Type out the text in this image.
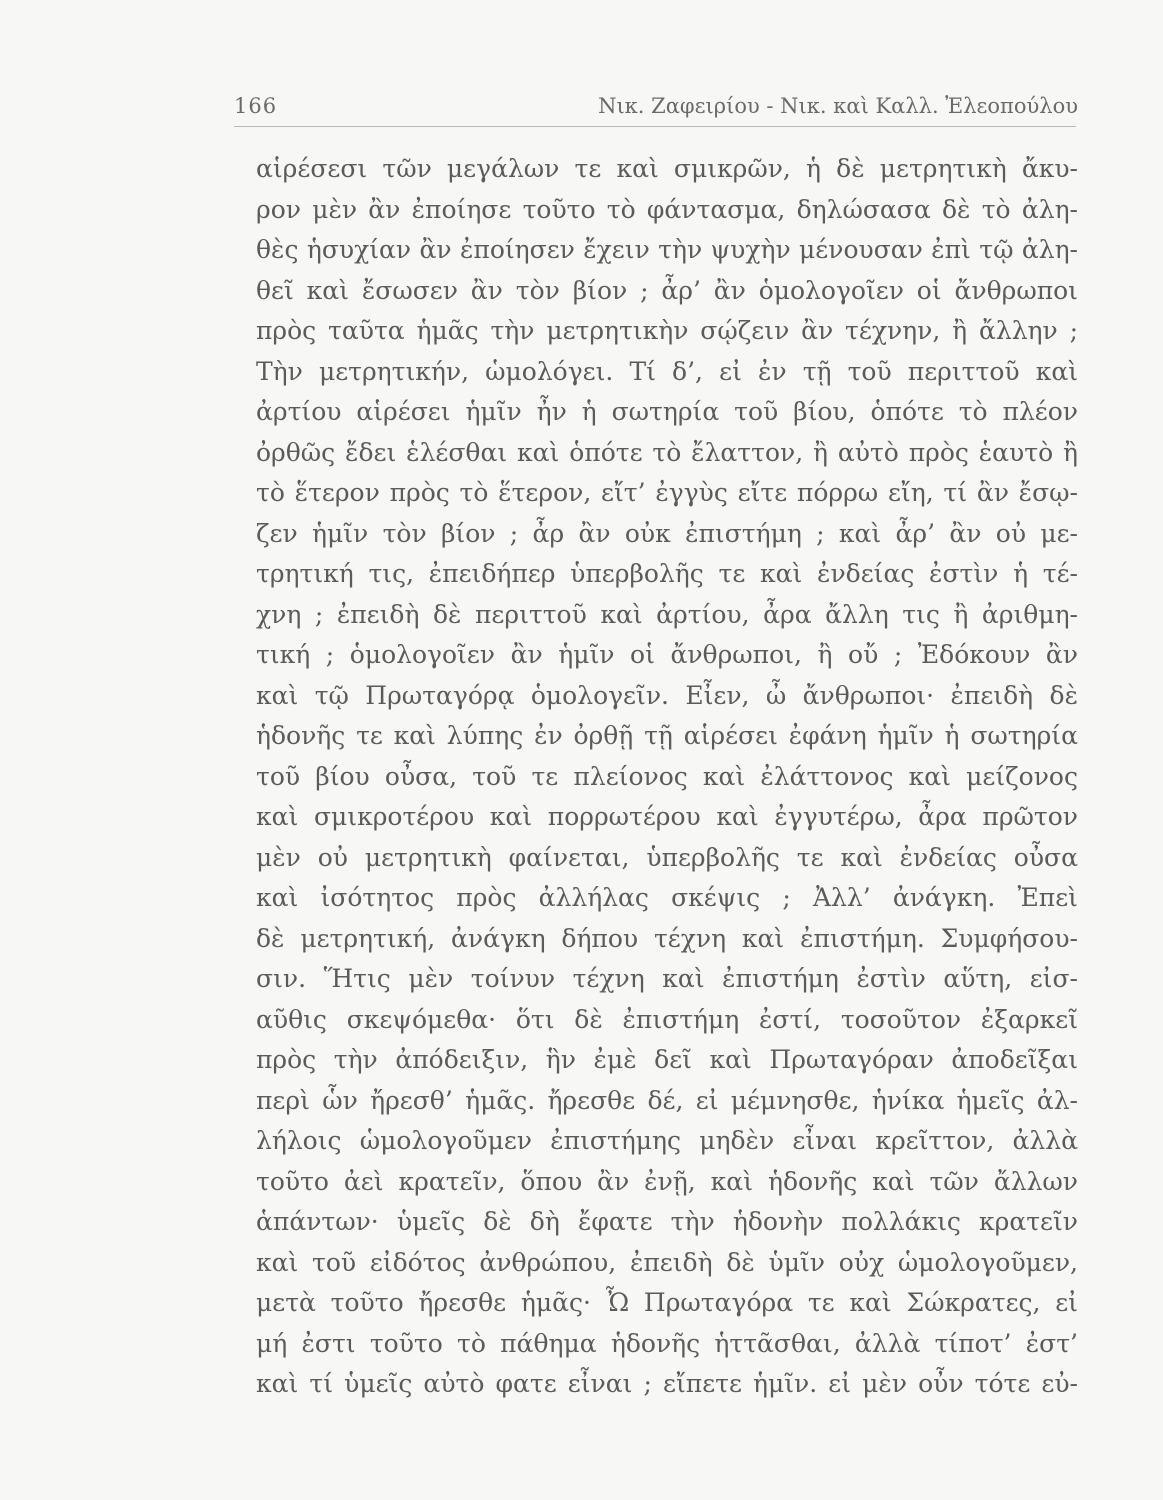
166	Νικ. Ζαφειρίου - Νικ. καὶ Καλλ. Ἐλεοπούλου
αἱρέσεσι τῶν μεγάλων τε καὶ σμικρῶν, ἡ δὲ μετρητικὴ ἄκυ-
ρον μὲν ἂν ἐποίησε τοῦτο τὸ φάντασμα, δηλώσασα δὲ τὸ ἀλη-
θὲς ἡσυχίαν ἂν ἐποίησεν ἔχειν τὴν ψυχὴν μένουσαν ἐπὶ τῷ ἀλη-
θεῖ καὶ ἔσωσεν ἂν τὸν βίον ; ἆρ’ ἂν ὁμολογοῖεν οἱ ἄνθρωποι
πρὸς ταῦτα ἡμᾶς τὴν μετρητικὴν σῴζειν ἂν τέχνην, ἢ ἄλλην ;
Τὴν μετρητικήν, ὡμολόγει. Τί δ’, εἰ ἐν τῇ τοῦ περιττοῦ καὶ
ἀρτίου αἱρέσει ἡμῖν ἦν ἡ σωτηρία τοῦ βίου, ὁπότε τὸ πλέον
ὀρθῶς ἔδει ἑλέσθαι καὶ ὁπότε τὸ ἔλαττον, ἢ αὐτὸ πρὸς ἑαυτὸ ἢ
τὸ ἕτερον πρὸς τὸ ἕτερον, εἴτ’ ἐγγὺς εἴτε πόρρω εἴη, τί ἂν ἔσῳ-
ζεν ἡμῖν τὸν βίον ; ἆρ ἂν οὐκ ἐπιστήμη ; καὶ ἆρ’ ἂν οὐ με-
τρητική τις, ἐπειδήπερ ὑπερβολῆς τε καὶ ἐνδείας ἐστὶν ἡ τέ-
χνη ; ἐπειδὴ δὲ περιττοῦ καὶ ἀρτίου, ἆρα ἄλλη τις ἢ ἀριθμη-
τική ; ὁμολογοῖεν ἂν ἡμῖν οἱ ἄνθρωποι, ἢ οὔ ; Ἐδόκουν ἂν
καὶ τῷ Πρωταγόρᾳ ὁμολογεῖν. Εἶεν, ὦ ἄνθρωποι· ἐπειδὴ δὲ
ἡδονῆς τε καὶ λύπης ἐν ὀρθῇ τῇ αἱρέσει ἐφάνη ἡμῖν ἡ σωτηρία
τοῦ βίου οὖσα, τοῦ τε πλείονος καὶ ἐλάττονος καὶ μείζονος
καὶ σμικροτέρου καὶ πορρωτέρου καὶ ἐγγυτέρω, ἆρα πρῶτον
μὲν οὐ μετρητικὴ φαίνεται, ὑπερβολῆς τε καὶ ἐνδείας οὖσα
καὶ ἰσότητος πρὸς ἀλλήλας σκέψις ; Ἀλλ’ ἀνάγκη. Ἐπεὶ
δὲ μετρητική, ἀνάγκη δήπου τέχνη καὶ ἐπιστήμη. Συμφήσου-
σιν. Ἥτις μὲν τοίνυν τέχνη καὶ ἐπιστήμη ἐστὶν αὕτη, εἰσ-
αῦθις σκεψόμεθα· ὅτι δὲ ἐπιστήμη ἐστί, τοσοῦτον ἐξαρκεῖ
πρὸς τὴν ἀπόδειξιν, ἣν ἐμὲ δεῖ καὶ Πρωταγόραν ἀποδεῖξαι
περὶ ὧν ἤρεσθ’ ἡμᾶς. ἤρεσθε δέ, εἰ μέμνησθε, ἡνίκα ἡμεῖς ἀλ-
λήλοις ὡμολογοῦμεν ἐπιστήμης μηδὲν εἶναι κρεῖττον, ἀλλὰ
τοῦτο ἀεὶ κρατεῖν, ὅπου ἂν ἐνῇ, καὶ ἡδονῆς καὶ τῶν ἄλλων
ἁπάντων· ὑμεῖς δὲ δὴ ἔφατε τὴν ἡδονὴν πολλάκις κρατεῖν
καὶ τοῦ εἰδότος ἀνθρώπου, ἐπειδὴ δὲ ὑμῖν οὐχ ὡμολογοῦμεν,
μετὰ τοῦτο ἤρεσθε ἡμᾶς· Ὦ Πρωταγόρα τε καὶ Σώκρατες, εἰ
μή ἐστι τοῦτο τὸ πάθημα ἡδονῆς ἡττᾶσθαι, ἀλλὰ τίποτ’ ἐστ’
καὶ τί ὑμεῖς αὐτὸ φατε εἶναι ; εἴπετε ἡμῖν. εἰ μὲν οὖν τότε εὐ-
